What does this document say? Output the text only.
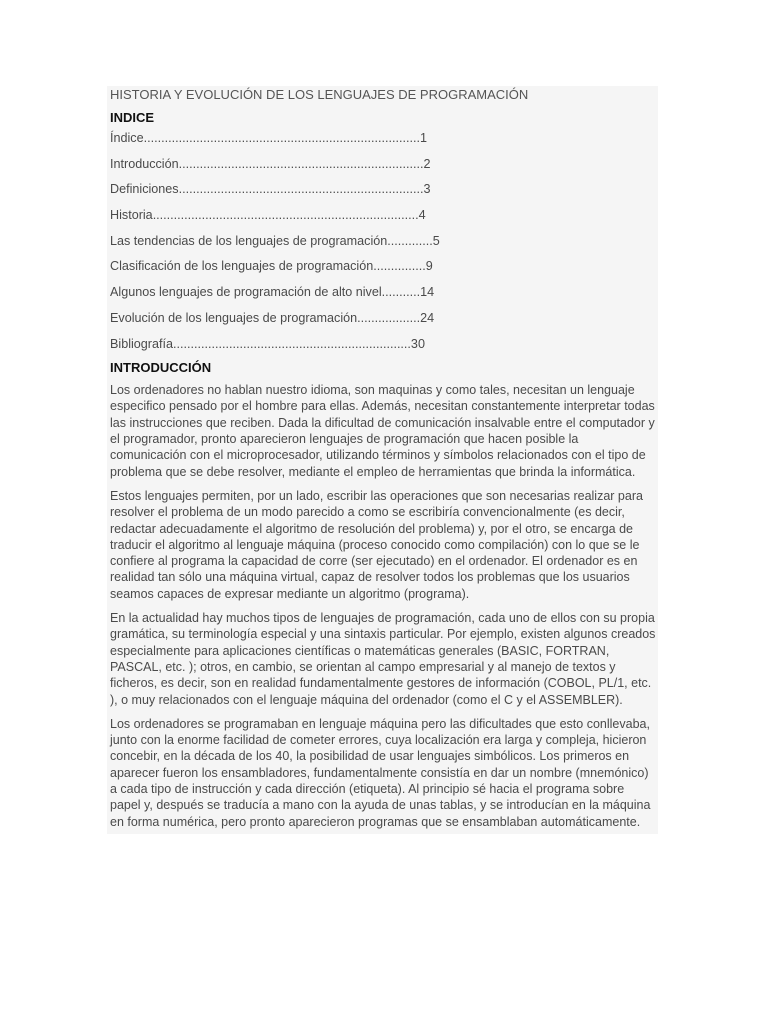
HISTORIA Y EVOLUCIÓN DE LOS LENGUAJES DE PROGRAMACIÓN

INDICE

Índice...............................................................................1
Introducción......................................................................2
Definiciones......................................................................3
Historia............................................................................4
Las tendencias de los lenguajes de programación.............5
Clasificación de los lenguajes de programación...............9
Algunos lenguajes de programación de alto nivel...........14
Evolución de los lenguajes de programación..................24
Bibliografía....................................................................30

INTRODUCCIÓN

Los ordenadores no hablan nuestro idioma, son maquinas y como tales, necesitan un lenguaje especifico pensado por el hombre para ellas. Además, necesitan constantemente interpretar todas las instrucciones que reciben. Dada la dificultad de comunicación insalvable entre el computador y el programador, pronto aparecieron lenguajes de programación que hacen posible la comunicación con el microprocesador, utilizando términos y símbolos relacionados con el tipo de problema que se debe resolver, mediante el empleo de herramientas que brinda la informática.

Estos lenguajes permiten, por un lado, escribir las operaciones que son necesarias realizar para resolver el problema de un modo parecido a como se escribiría convencionalmente (es decir, redactar adecuadamente el algoritmo de resolución del problema) y, por el otro, se encarga de traducir el algoritmo al lenguaje máquina (proceso conocido como compilación) con lo que se le confiere al programa la capacidad de corre (ser ejecutado) en el ordenador. El ordenador es en realidad tan sólo una máquina virtual, capaz de resolver todos los problemas que los usuarios seamos capaces de expresar mediante un algoritmo (programa).

En la actualidad hay muchos tipos de lenguajes de programación, cada uno de ellos con su propia gramática, su terminología especial y una sintaxis particular. Por ejemplo, existen algunos creados especialmente para aplicaciones científicas o matemáticas generales (BASIC, FORTRAN, PASCAL, etc. ); otros, en cambio, se orientan al campo empresarial y al manejo de textos y ficheros, es decir, son en realidad fundamentalmente gestores de información (COBOL, PL/1, etc. ), o muy relacionados con el lenguaje máquina del ordenador (como el C y el ASSEMBLER).

Los ordenadores se programaban en lenguaje máquina pero las dificultades que esto conllevaba, junto con la enorme facilidad de cometer errores, cuya localización era larga y compleja, hicieron concebir, en la década de los 40, la posibilidad de usar lenguajes simbólicos. Los primeros en aparecer fueron los ensambladores, fundamentalmente consistía en dar un nombre (mnemónico) a cada tipo de instrucción y cada dirección (etiqueta). Al principio sé hacia el programa sobre papel y, después se traducía a mano con la ayuda de unas tablas, y se introducían en la máquina en forma numérica, pero pronto aparecieron programas que se ensamblaban automáticamente.
